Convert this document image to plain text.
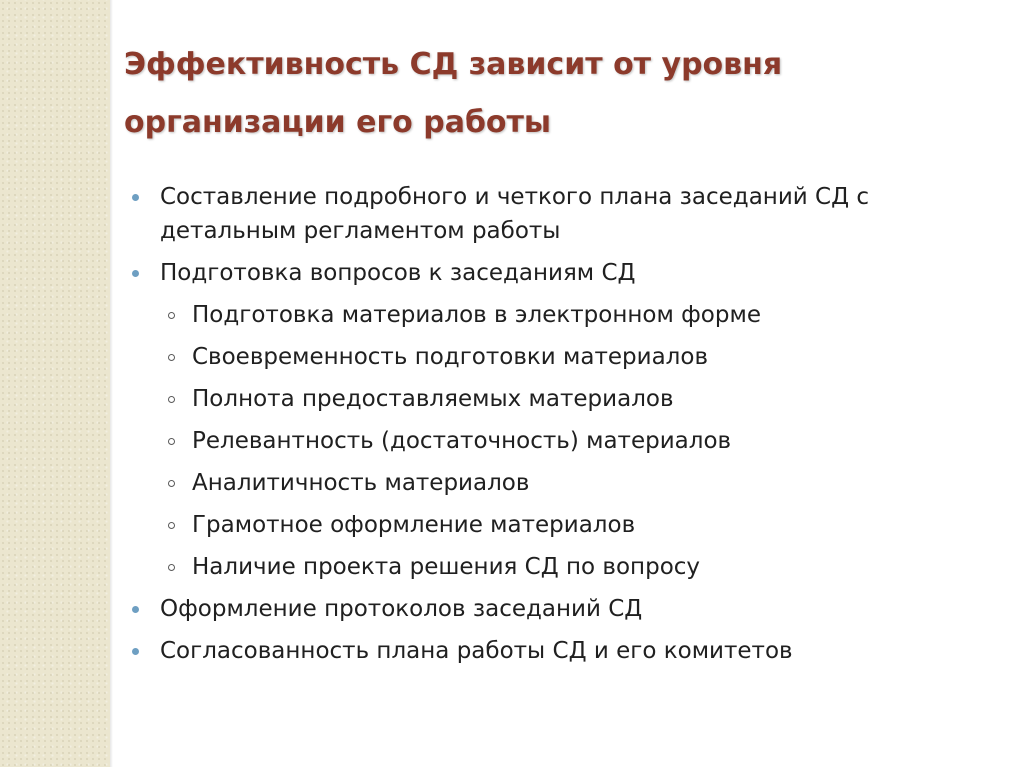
Эффективность СД зависит от уровня организации его работы
Составление подробного и четкого плана заседаний СД с детальным регламентом работы
Подготовка вопросов к заседаниям СД
Подготовка материалов в электронном форме
Своевременность подготовки материалов
Полнота предоставляемых материалов
Релевантность (достаточность) материалов
Аналитичность материалов
Грамотное оформление материалов
Наличие проекта решения СД по вопросу
Оформление протоколов заседаний СД
Согласованность плана работы СД и его комитетов
